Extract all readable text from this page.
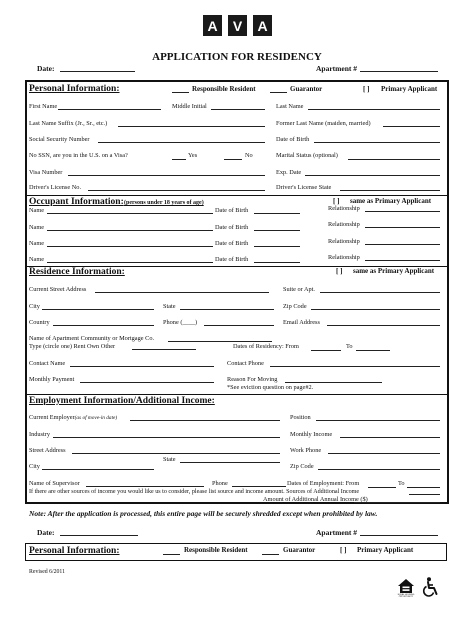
A	V	A
APPLICATION FOR RESIDENCY
Date:	Apartment #
Personal Information:	Responsible Resident	Guarantor	[ ] Primary Applicant
First Name	Middle Initial	Last Name
Last Name Suffix (Jr., Sr., etc.)	Former Last Name (maiden, married)
Social Security Number	Date of Birth
No SSN, are you in the U.S. on a Visa?	Yes	No	Marital Status (optional)
Visa Number	Exp. Date
Driver's License No.	Driver's License State
Occupant Information: (persons under 18 years of age)	[ ] same as Primary Applicant
Name	Date of Birth	Relationship
Name	Date of Birth	Relationship
Name	Date of Birth	Relationship
Name	Date of Birth	Relationship
Residence Information:	[ ] same as Primary Applicant
Current Street Address	Suite or Apt.
City	State	Zip Code
Country	Phone (____)	Email Address
Name of Apartment Community or Mortgage Co.
Type (circle one) Rent Own Other	Dates of Residency: From	To
Contact Name	Contact Phone
Monthly Payment	Reason For Moving
*See eviction question on page#2.
Employment Information/Additional Income:
Current Employer(as of move-in date)	Position
Industry	Monthly Income
Street Address	Work Phone
State
City	Zip Code
Name of Supervisor	Phone	Dates of Employment: From	To
If there are other sources of income you would like us to consider, please list source and income amount. Sources of Additional Income
Amount of Additional Annual Income ($)
Note: After the application is processed, this entire page will be securely shredded except when prohibited by law.
Date:	Apartment #
Personal Information:	Responsible Resident	Guarantor	[ ] Primary Applicant
Revised 6/2011
EQUAL HOUSING OPPORTUNITY
